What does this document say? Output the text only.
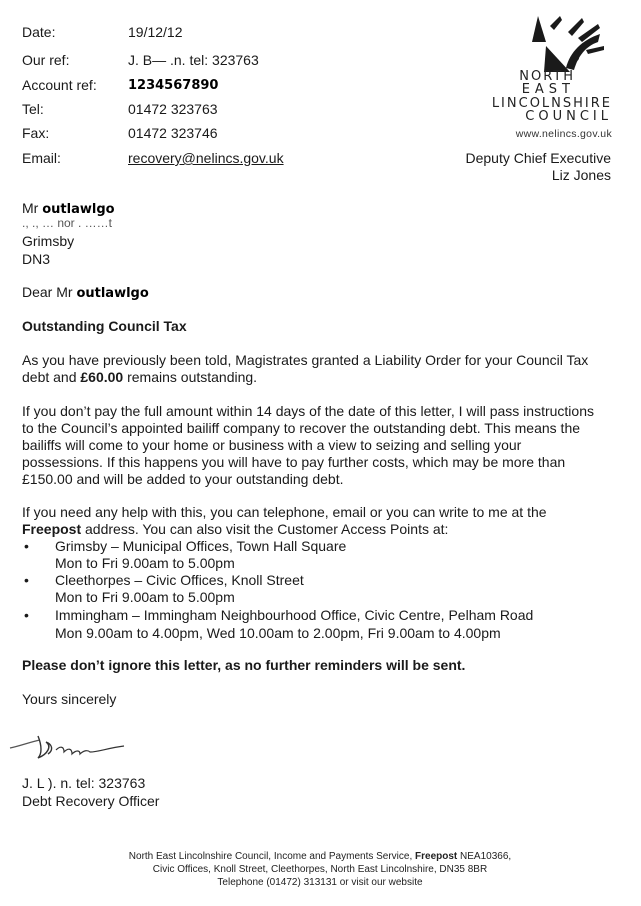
Date:	19/12/12
Our ref:	J. B— .n. tel: 323763
Account ref: 1234567890
Tel:	01472 323763
Fax:	01472 323746
Email:	recovery@nelincs.gov.uk
NORTH
EAST
LINCOLNSHIRE
COUNCIL
www.nelincs.gov.uk
Deputy Chief Executive
Liz Jones
Mr outlawlgo
., ., … nor . ……t
Grimsby
DN3
Dear Mr outlawlgo
Outstanding Council Tax
As you have previously been told, Magistrates granted a Liability Order for your Council Tax debt and £60.00 remains outstanding.
If you don’t pay the full amount within 14 days of the date of this letter, I will pass instructions to the Council’s appointed bailiff company to recover the outstanding debt. This means the bailiffs will come to your home or business with a view to seizing and selling your possessions. If this happens you will have to pay further costs, which may be more than £150.00 and will be added to your outstanding debt.
If you need any help with this, you can telephone, email or you can write to me at the Freepost address. You can also visit the Customer Access Points at:
• Grimsby – Municipal Offices, Town Hall Square
Mon to Fri 9.00am to 5.00pm
• Cleethorpes – Civic Offices, Knoll Street
Mon to Fri 9.00am to 5.00pm
• Immingham – Immingham Neighbourhood Office, Civic Centre, Pelham Road
Mon 9.00am to 4.00pm, Wed 10.00am to 2.00pm, Fri 9.00am to 4.00pm
Please don’t ignore this letter, as no further reminders will be sent.
Yours sincerely
J. L ). n. tel: 323763
Debt Recovery Officer
North East Lincolnshire Council, Income and Payments Service, Freepost NEA10366,
Civic Offices, Knoll Street, Cleethorpes, North East Lincolnshire, DN35 8BR
Telephone (01472) 313131 or visit our website
